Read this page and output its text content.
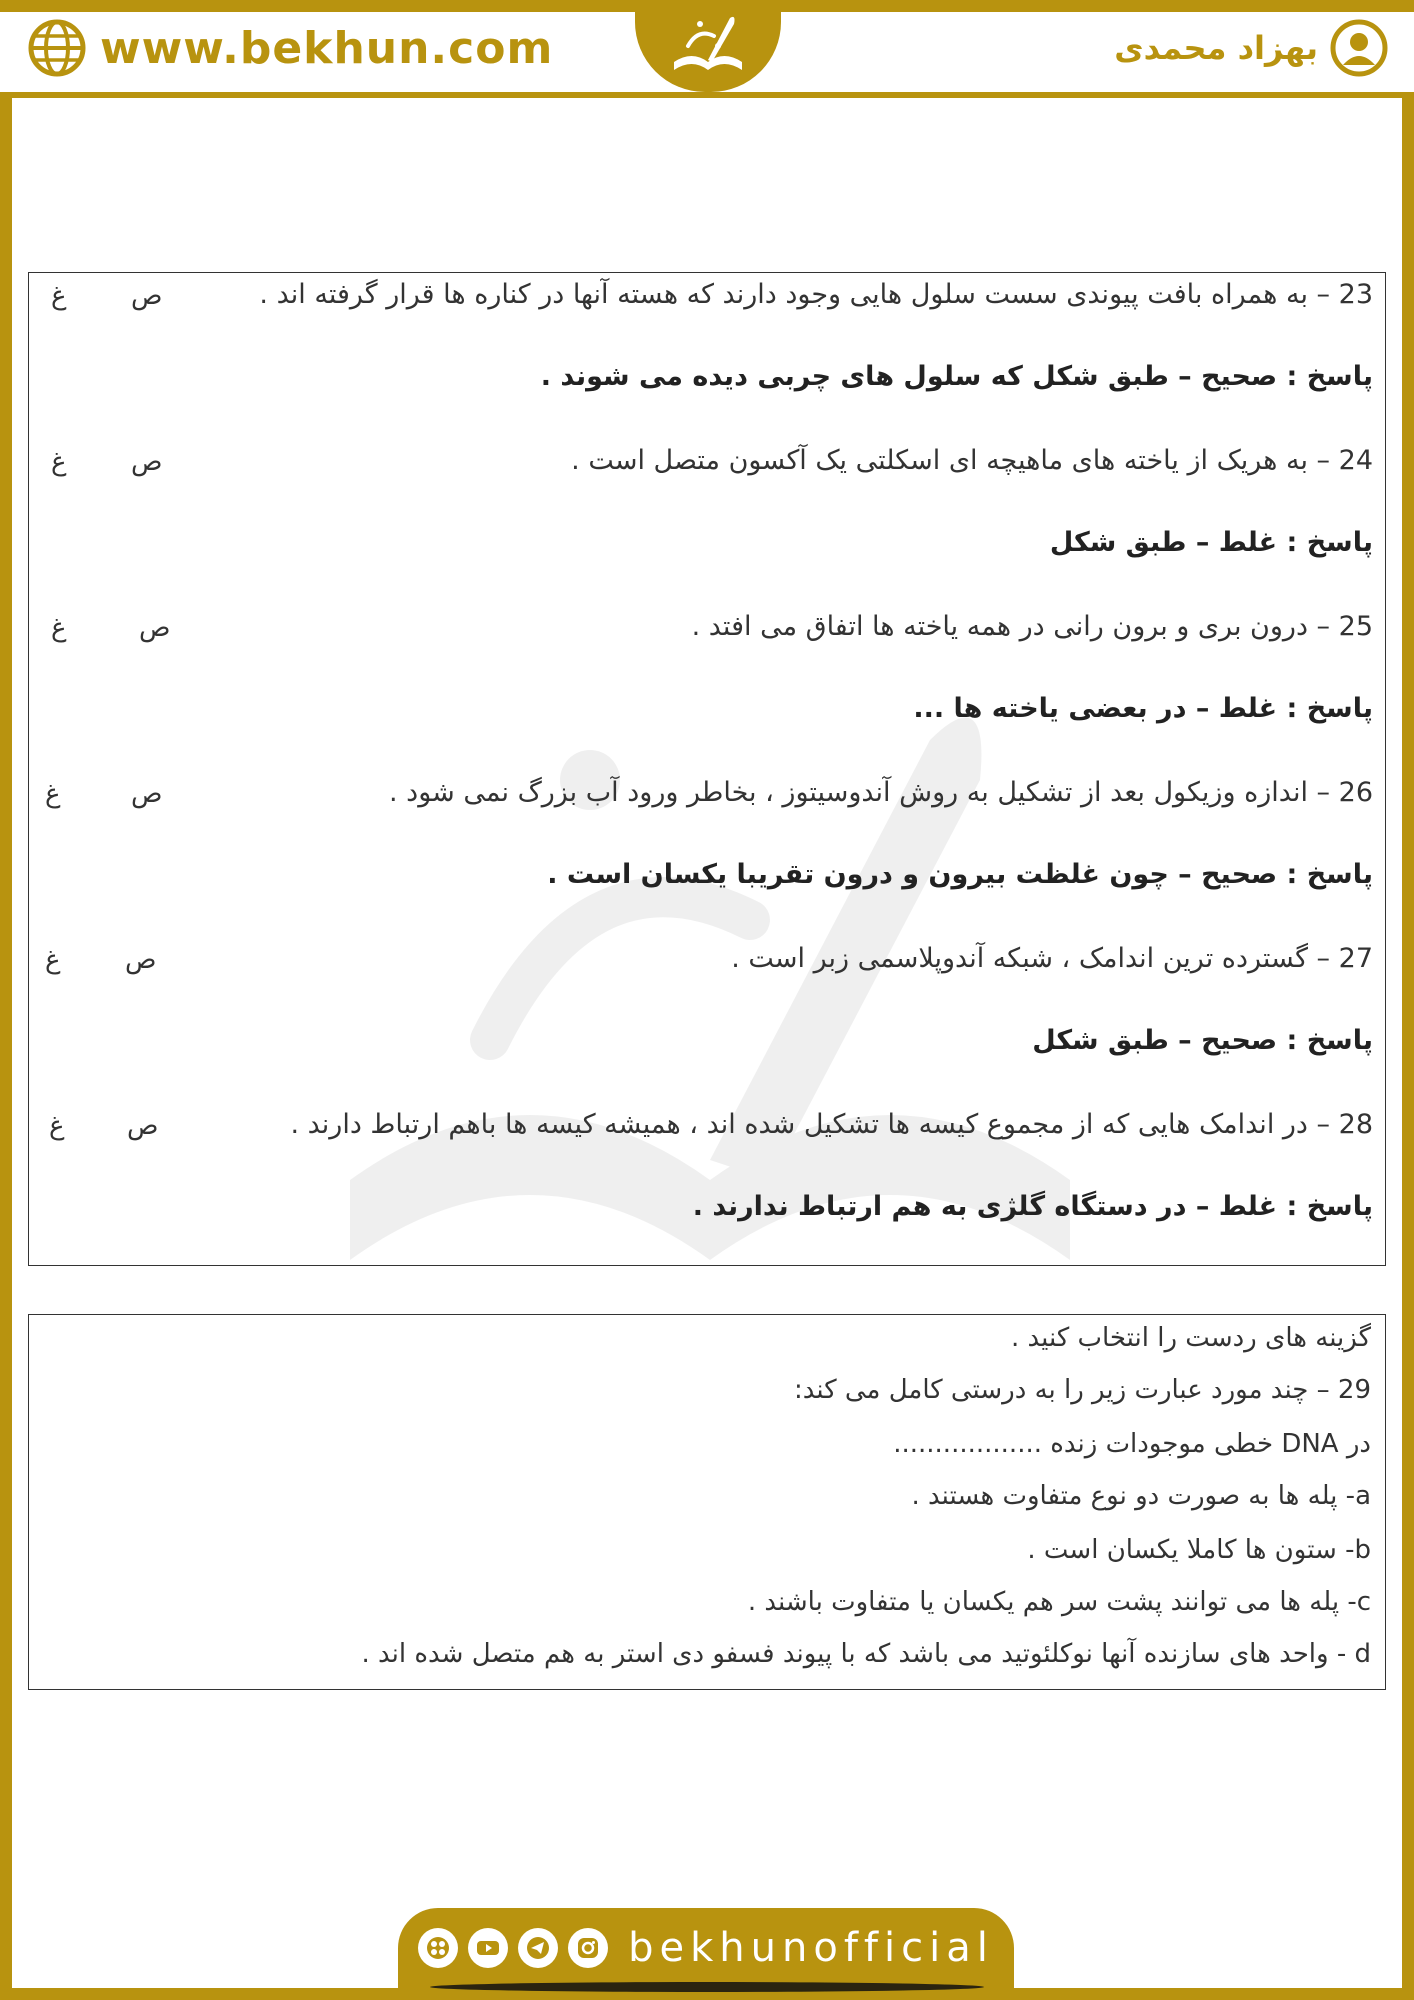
www.bekhun.com	بهزاد محمدی
23 – به همراه بافت پیوندی سست سلول هایی وجود دارند که هسته آنها در کناره ها قرار گرفته اند .
ص
غ
پاسخ : صحیح – طبق شکل که سلول های چربی دیده می شوند .
24 – به هریک از یاخته های ماهیچه ای اسکلتی یک آکسون متصل است .
ص
غ
پاسخ : غلط – طبق شکل
25 – درون بری و برون رانی در همه یاخته ها اتفاق می افتد .
ص
غ
پاسخ : غلط – در بعضی یاخته ها ...
26 – اندازه وزیکول بعد از تشکیل به روش آندوسیتوز ، بخاطر ورود آب بزرگ نمی شود .
ص
غ
پاسخ : صحیح – چون غلظت بیرون و درون تقریبا یکسان است .
27 – گسترده ترین اندامک ، شبکه آندوپلاسمی زبر است .
ص
غ
پاسخ : صحیح – طبق شکل
28 – در اندامک هایی که از مجموع کیسه ها تشکیل شده اند ، همیشه کیسه ها باهم ارتباط دارند .
ص
غ
پاسخ : غلط – در دستگاه گلژی به هم ارتباط ندارند .
گزینه های ردست را انتخاب کنید .
29 – چند مورد عبارت زیر را به درستی کامل می کند:
در DNA خطی موجودات زنده ..................
a- پله ها به صورت دو نوع متفاوت هستند .
b- ستون ها کاملا یکسان است .
c- پله ها می توانند پشت سر هم یکسان یا متفاوت باشند .
d - واحد های سازنده آنها نوکلئوتید می باشد که با پیوند فسفو دی استر به هم متصل شده اند .
bekhunofficial
